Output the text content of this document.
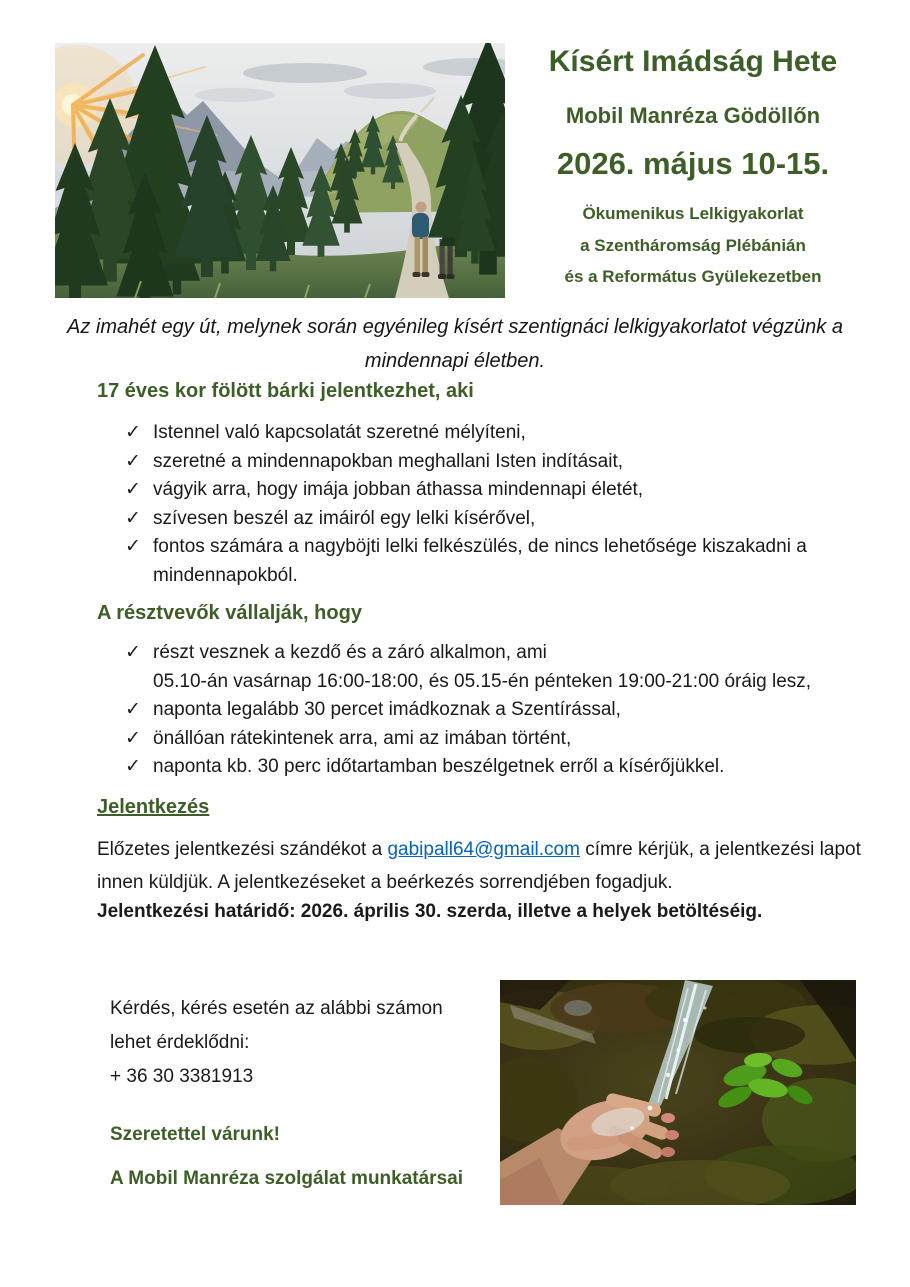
Kísért Imádság Hete
Mobil Manréza Gödöllőn
2026. május 10-15.
Ökumenikus Lelkigyakorlat
a Szentháromság Plébánián
és a Református Gyülekezetben
Az imahét egy út, melynek során egyénileg kísért szentignáci lelkigyakorlatot végzünk a mindennapi életben.
17 éves kor fölött bárki jelentkezhet, aki
✓ Istennel való kapcsolatát szeretné mélyíteni,
✓ szeretné a mindennapokban meghallani Isten indításait,
✓ vágyik arra, hogy imája jobban áthassa mindennapi életét,
✓ szívesen beszél az imáiról egy lelki kísérővel,
✓ fontos számára a nagyböjti lelki felkészülés, de nincs lehetősége kiszakadni a mindennapokból.
A résztvevők vállalják, hogy
✓ részt vesznek a kezdő és a záró alkalmon, ami
05.10-án vasárnap 16:00-18:00, és 05.15-én pénteken 19:00-21:00 óráig lesz,
✓ naponta legalább 30 percet imádkoznak a Szentírással,
✓ önállóan rátekintenek arra, ami az imában történt,
✓ naponta kb. 30 perc időtartamban beszélgetnek erről a kísérőjükkel.
Jelentkezés
Előzetes jelentkezési szándékot a gabipall64@gmail.com címre kérjük, a jelentkezési lapot innen küldjük. A jelentkezéseket a beérkezés sorrendjében fogadjuk.
Jelentkezési határidő: 2026. április 30. szerda, illetve a helyek betöltéséig.
Kérdés, kérés esetén az alábbi számon
lehet érdeklődni:
+ 36 30 3381913
Szeretettel várunk!
A Mobil Manréza szolgálat munkatársai
